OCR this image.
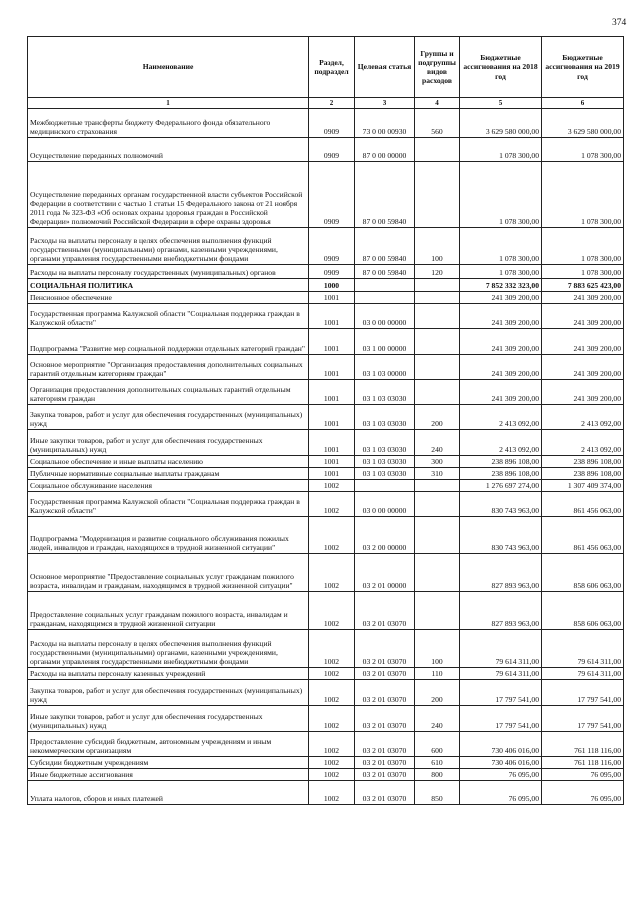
374
Наименование	Раздел, подраздел	Целевая статья	Группы и подгруппы видов расходов	Бюджетные ассигнования на 2018 год	Бюджетные ассигнования на 2019 год
1	2	3	4	5	6
Межбюджетные трансферты бюджету Федерального фонда обязательного медицинского страхования	0909	73 0 00 00930	560	3 629 580 000,00	3 629 580 000,00
Осуществление переданных полномочий	0909	87 0 00 00000		1 078 300,00	1 078 300,00
Осуществление переданных органам государственной власти субъектов Российской Федерации в соответствии с частью 1 статьи 15 Федерального закона от 21 ноября 2011 года № 323-ФЗ «Об основах охраны здоровья граждан в Российской Федерации» полномочий Российской Федерации в сфере охраны здоровья	0909	87 0 00 59840		1 078 300,00	1 078 300,00
Расходы на выплаты персоналу в целях обеспечения выполнения функций государственными (муниципальными) органами, казенными учреждениями, органами управления государственными внебюджетными фондами	0909	87 0 00 59840	100	1 078 300,00	1 078 300,00
Расходы на выплаты персоналу государственных (муниципальных) органов	0909	87 0 00 59840	120	1 078 300,00	1 078 300,00
СОЦИАЛЬНАЯ ПОЛИТИКА	1000			7 852 332 323,00	7 883 625 423,00
Пенсионное обеспечение	1001			241 309 200,00	241 309 200,00
Государственная программа Калужской области "Социальная поддержка граждан в Калужской области"	1001	03 0 00 00000		241 309 200,00	241 309 200,00
Подпрограмма "Развитие мер социальной поддержки отдельных категорий граждан"	1001	03 1 00 00000		241 309 200,00	241 309 200,00
Основное мероприятие "Организация предоставления дополнительных социальных гарантий отдельным категориям граждан"	1001	03 1 03 00000		241 309 200,00	241 309 200,00
Организация предоставления дополнительных социальных гарантий отдельным категориям граждан	1001	03 1 03 03030		241 309 200,00	241 309 200,00
Закупка товаров, работ и услуг для обеспечения государственных (муниципальных) нужд	1001	03 1 03 03030	200	2 413 092,00	2 413 092,00
Иные закупки товаров, работ и услуг для обеспечения государственных (муниципальных) нужд	1001	03 1 03 03030	240	2 413 092,00	2 413 092,00
Социальное обеспечение и иные выплаты населению	1001	03 1 03 03030	300	238 896 108,00	238 896 108,00
Публичные нормативные социальные выплаты гражданам	1001	03 1 03 03030	310	238 896 108,00	238 896 108,00
Социальное обслуживание населения	1002			1 276 697 274,00	1 307 409 374,00
Государственная программа Калужской области "Социальная поддержка граждан в Калужской области"	1002	03 0 00 00000		830 743 963,00	861 456 063,00
Подпрограмма "Модернизация и развитие социального обслуживания пожилых людей, инвалидов и граждан, находящихся в трудной жизненной ситуации"	1002	03 2 00 00000		830 743 963,00	861 456 063,00
Основное мероприятие "Предоставление социальных услуг гражданам пожилого возраста, инвалидам и гражданам, находящимся в трудной жизненной ситуации"	1002	03 2 01 00000		827 893 963,00	858 606 063,00
Предоставление социальных услуг гражданам пожилого возраста, инвалидам и гражданам, находящимся в трудной жизненной ситуации	1002	03 2 01 03070		827 893 963,00	858 606 063,00
Расходы на выплаты персоналу в целях обеспечения выполнения функций государственными (муниципальными) органами, казенными учреждениями, органами управления государственными внебюджетными фондами	1002	03 2 01 03070	100	79 614 311,00	79 614 311,00
Расходы на выплаты персоналу казенных учреждений	1002	03 2 01 03070	110	79 614 311,00	79 614 311,00
Закупка товаров, работ и услуг для обеспечения государственных (муниципальных) нужд	1002	03 2 01 03070	200	17 797 541,00	17 797 541,00
Иные закупки товаров, работ и услуг для обеспечения государственных (муниципальных) нужд	1002	03 2 01 03070	240	17 797 541,00	17 797 541,00
Предоставление субсидий бюджетным, автономным учреждениям и иным некоммерческим организациям	1002	03 2 01 03070	600	730 406 016,00	761 118 116,00
Субсидии бюджетным учреждениям	1002	03 2 01 03070	610	730 406 016,00	761 118 116,00
Иные бюджетные ассигнования	1002	03 2 01 03070	800	76 095,00	76 095,00
Уплата налогов, сборов и иных платежей	1002	03 2 01 03070	850	76 095,00	76 095,00
